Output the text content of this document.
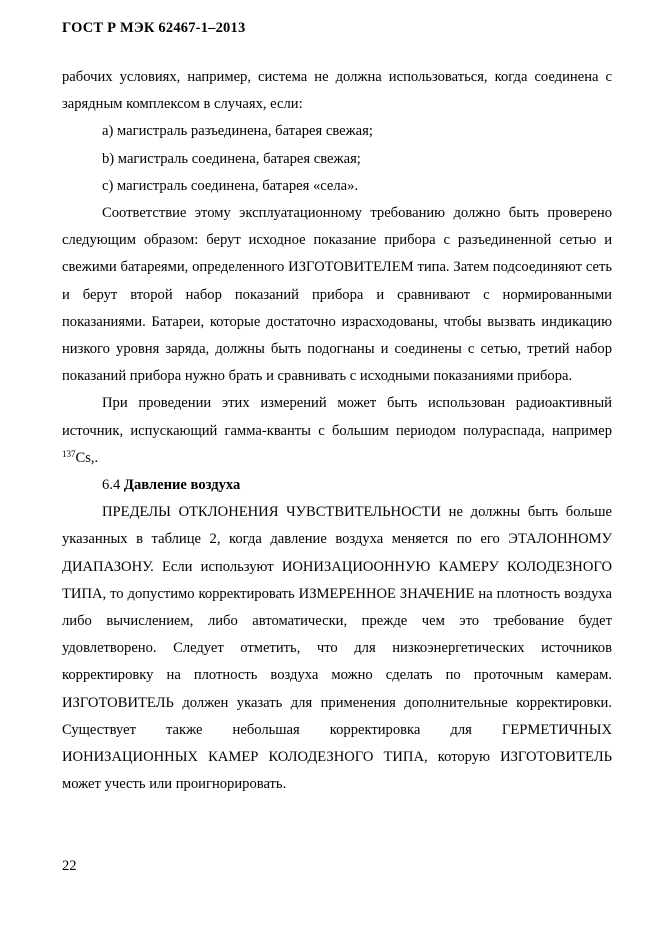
ГОСТ Р МЭК 62467-1–2013

рабочих условиях, например, система не должна использоваться, когда соединена с зарядным комплексом в случаях, если:

a) магистраль разъединена, батарея свежая;

b) магистраль соединена, батарея свежая;

c) магистраль соединена, батарея «села».

Соответствие этому эксплуатационному требованию должно быть проверено следующим образом: берут исходное показание прибора с разъединенной сетью и свежими батареями, определенного ИЗГОТОВИТЕЛЕМ типа. Затем подсоединяют сеть и берут второй набор показаний прибора и сравнивают с нормированными показаниями. Батареи, которые достаточно израсходованы, чтобы вызвать индикацию низкого уровня заряда, должны быть подогнаны и соединены с сетью, третий набор показаний прибора нужно брать и сравнивать с исходными показаниями прибора.

При проведении этих измерений может быть использован радиоактивный источник, испускающий гамма-кванты с большим периодом полураспада, например $^{137}$Cs,.

6.4 Давление воздуха

ПРЕДЕЛЫ ОТКЛОНЕНИЯ ЧУВСТВИТЕЛЬНОСТИ не должны быть больше указанных в таблице 2, когда давление воздуха меняется по его ЭТАЛОННОМУ ДИАПАЗОНУ. Если используют ИОНИЗАЦИООННУЮ КАМЕРУ КОЛОДЕЗНОГО ТИПА, то допустимо корректировать ИЗМЕРЕННОЕ ЗНАЧЕНИЕ на плотность воздуха либо вычислением, либо автоматически, прежде чем это требование будет удовлетворено. Следует отметить, что для низкоэнергетических источников корректировку на плотность воздуха можно сделать по проточным камерам. ИЗГОТОВИТЕЛЬ должен указать для применения дополнительные корректировки. Существует также небольшая корректировка для ГЕРМЕТИЧНЫХ ИОНИЗАЦИОННЫХ КАМЕР КОЛОДЕЗНОГО ТИПА, которую ИЗГОТОВИТЕЛЬ может учесть или проигнорировать.

22
